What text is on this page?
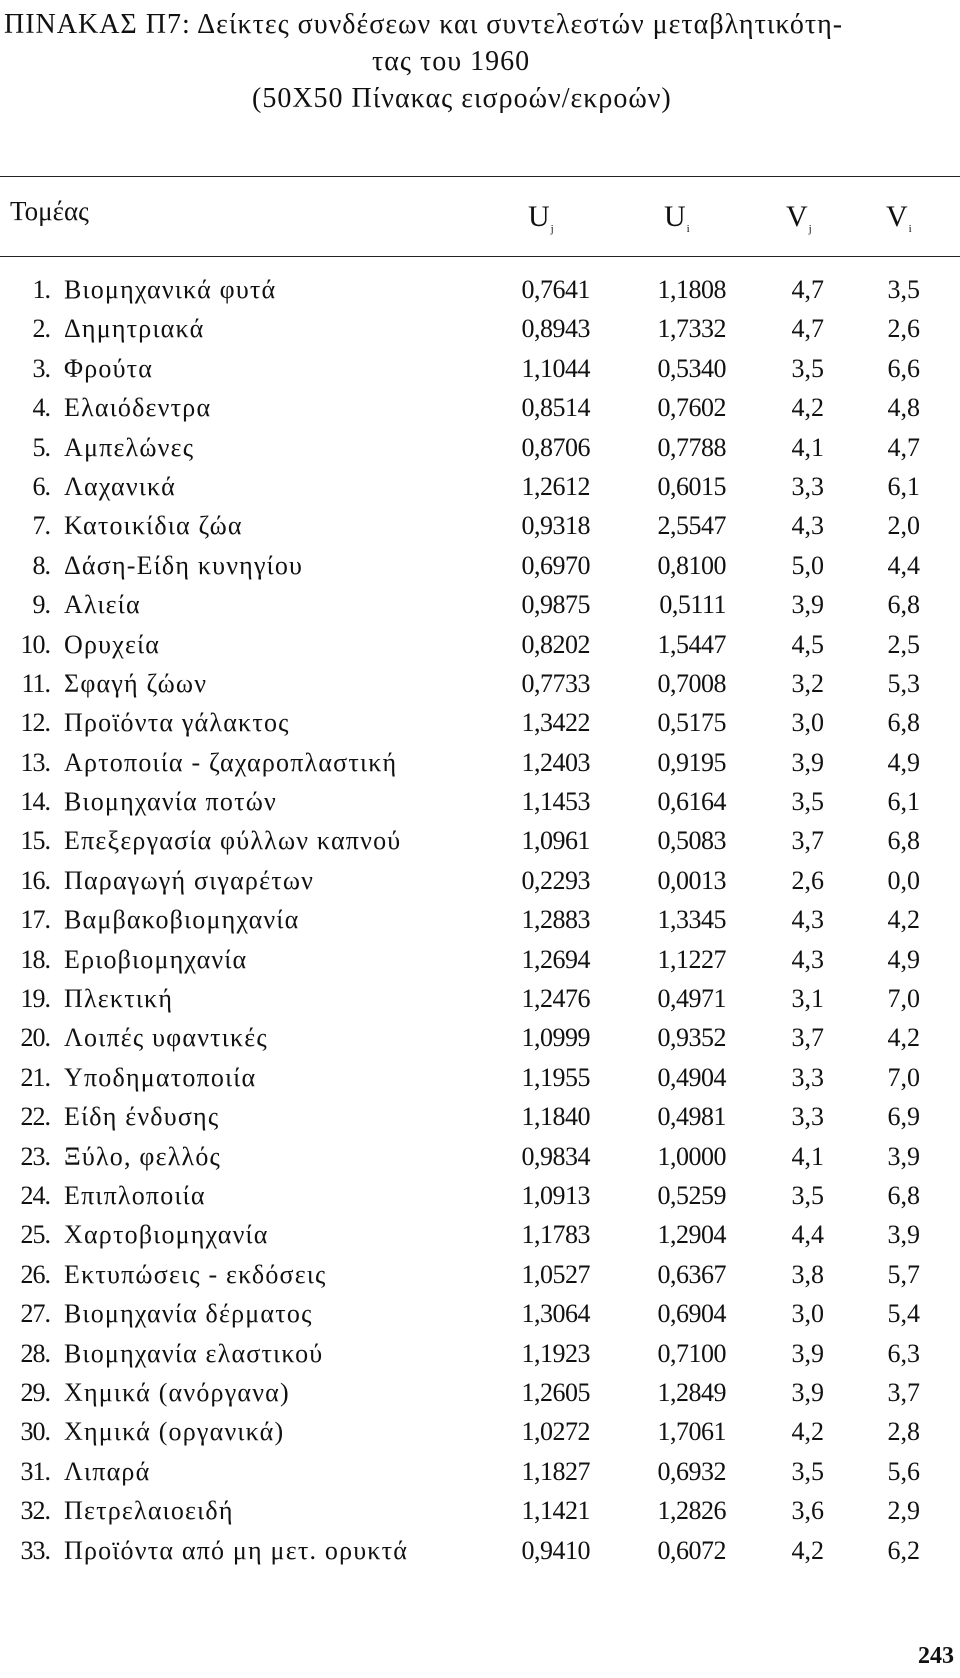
ΠΙΝΑΚΑΣ Π7: Δείκτες συνδέσεων και συντελεστών μεταβλητικότη-
τας του 1960
(50Χ50 Πίνακας εισροών/εκροών)
Τομέας	$U_j$	$U_i$	$V_j$ $V_i$
1. Βιομηχανικά φυτά	0,7641	1,1808	4,7	3,5
2. Δημητριακά	0,8943	1,7332	4,7	2,6
3. Φρούτα	1,1044	0,5340	3,5	6,6
4. Ελαιόδεντρα	0,8514	0,7602	4,2	4,8
5. Αμπελώνες	0,8706	0,7788	4,1	4,7
6. Λαχανικά	1,2612	0,6015	3,3	6,1
7. Κατοικίδια ζώα	0,9318	2,5547	4,3	2,0
8. Δάση-Είδη κυνηγίου	0,6970	0,8100	5,0	4,4
9. Αλιεία	0,9875	0,5111	3,9	6,8
10. Ορυχεία	0,8202	1,5447	4,5	2,5
11. Σφαγή ζώων	0,7733	0,7008	3,2	5,3
12. Προϊόντα γάλακτος	1,3422	0,5175	3,0	6,8
13. Αρτοποιία - ζαχαροπλαστική	1,2403	0,9195	3,9	4,9
14. Βιομηχανία ποτών	1,1453	0,6164	3,5	6,1
15. Επεξεργασία φύλλων καπνού	1,0961	0,5083	3,7	6,8
16. Παραγωγή σιγαρέτων	0,2293	0,0013	2,6	0,0
17. Βαμβακοβιομηχανία	1,2883	1,3345	4,3	4,2
18. Εριοβιομηχανία	1,2694	1,1227	4,3	4,9
19. Πλεκτική	1,2476	0,4971	3,1	7,0
20. Λοιπές υφαντικές	1,0999	0,9352	3,7	4,2
21. Υποδηματοποιία	1,1955	0,4904	3,3	7,0
22. Είδη ένδυσης	1,1840	0,4981	3,3	6,9
23. Ξύλο, φελλός	0,9834	1,0000	4,1	3,9
24. Επιπλοποιία	1,0913	0,5259	3,5	6,8
25. Χαρτοβιομηχανία	1,1783	1,2904	4,4	3,9
26. Εκτυπώσεις - εκδόσεις	1,0527	0,6367	3,8	5,7
27. Βιομηχανία δέρματος	1,3064	0,6904	3,0	5,4
28. Βιομηχανία ελαστικού	1,1923	0,7100	3,9	6,3
29. Χημικά (ανόργανα)	1,2605	1,2849	3,9	3,7
30. Χημικά (οργανικά)	1,0272	1,7061	4,2	2,8
31. Λιπαρά	1,1827	0,6932	3,5	5,6
32. Πετρελαιοειδή	1,1421	1,2826	3,6	2,9
33. Προϊόντα από μη μετ. ορυκτά	0,9410	0,6072	4,2	6,2
243
